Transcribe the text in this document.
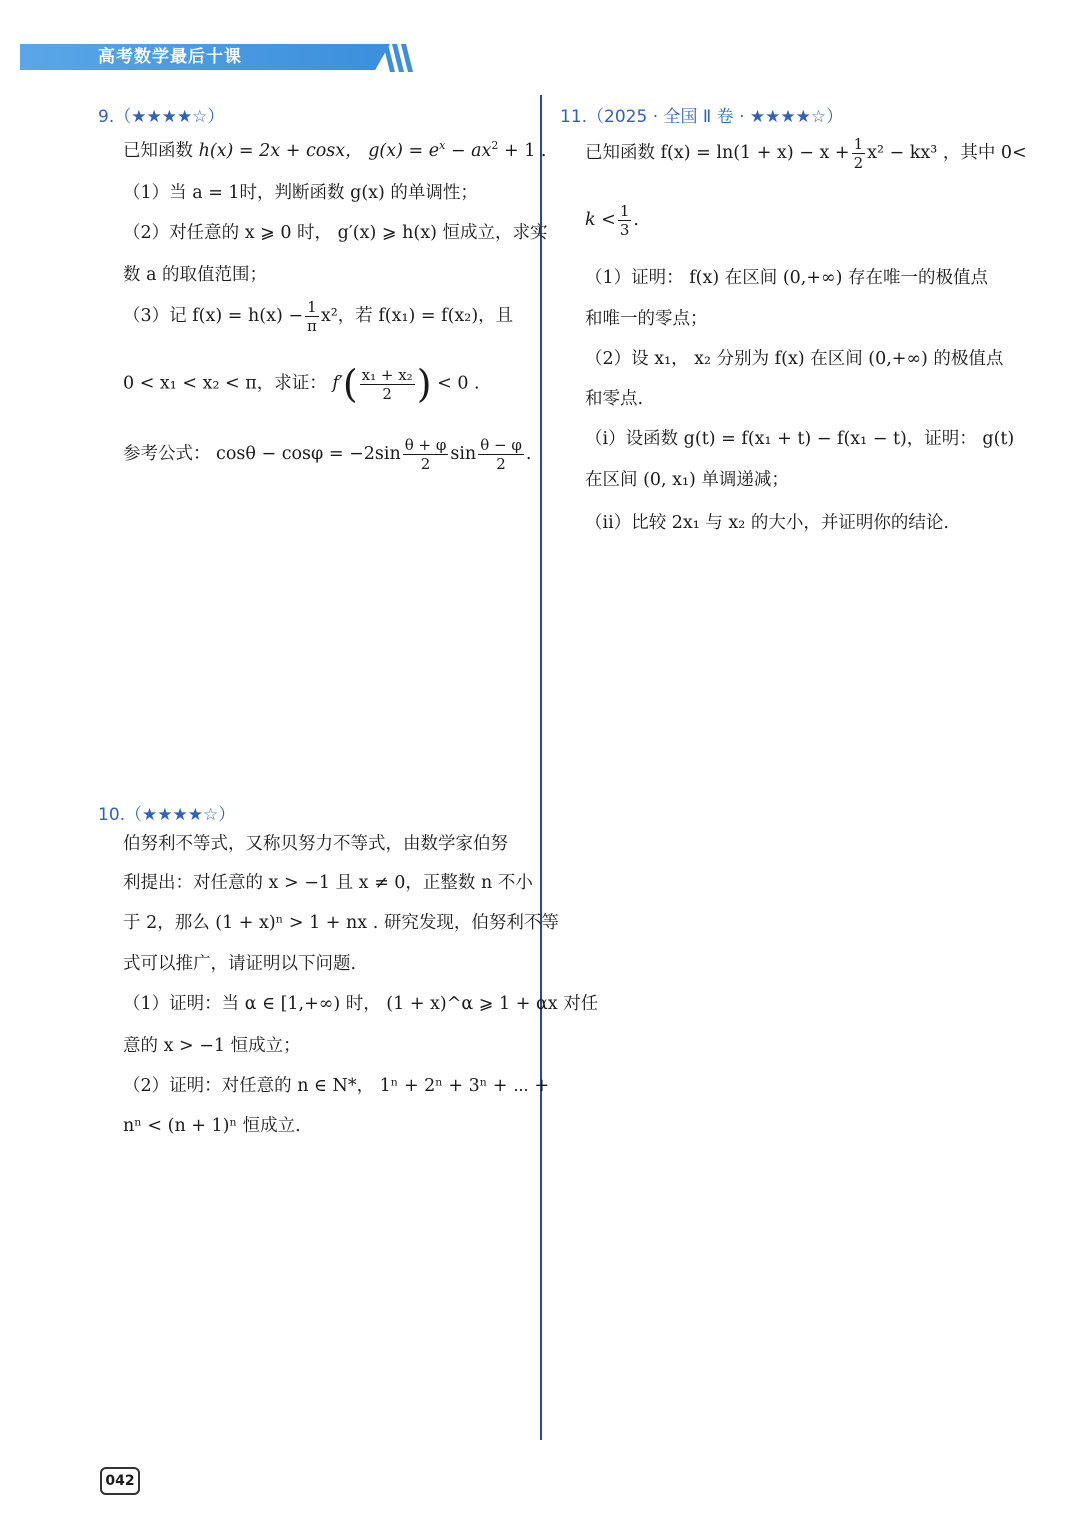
高考数学最后十课
9.（★★★★☆）
已知函数 h(x) = 2x + cosx， $g(x) = e^x - ax^2 + 1$ .
（1）当 a = 1时，判断函数 g(x) 的单调性；
（2）对任意的 x ⩾ 0 时， g′(x) ⩾ h(x) 恒成立，求实
数 a 的取值范围；
（3）记 $f(x) = h(x) - \frac{1}{\pi} x^2$，若 f(x₁) = f(x₂)，且
0 < x₁ < x₂ < π，求证： $f'( \frac{\text{x₁ + x₂}}{2}$ ) < 0 .
参考公式： $\cos\theta - \cos\varphi = -2\sin \frac{\theta + \varphi}{2}$ $\sin \frac{\theta - \varphi}{2}$ .
10.（★★★★☆）
伯努利不等式，又称贝努力不等式，由数学家伯努
利提出：对任意的 x > −1 且 x ≠ 0，正整数 n 不小
于 2，那么 (1 + x)ⁿ > 1 + nx . 研究发现，伯努利不等
式可以推广，请证明以下问题.
（1）证明：当 α ∈ [1,+∞) 时， (1 + x)^α ⩾ 1 + αx 对任
意的 x > −1 恒成立；
（2）证明：对任意的 n ∈ N*， 1ⁿ + 2ⁿ + 3ⁿ + ⋯ +
nⁿ < (n + 1)ⁿ 恒成立.
11.（2025 · 全国 Ⅱ 卷 · ★★★★☆）
已知函数 $f(x) = \ln(1 + x) - x + \frac{1}{2} x^2 - kx^3$ ，其中 0<
$k < \frac{1}{3}$ .
（1）证明： f(x) 在区间 (0,+∞) 存在唯一的极值点
和唯一的零点；
（2）设 x₁， x₂ 分别为 f(x) 在区间 (0,+∞) 的极值点
和零点.
（i）设函数 g(t) = f(x₁ + t) − f(x₁ − t)，证明： g(t)
在区间 (0, x₁) 单调递减；
（ii）比较 2x₁ 与 x₂ 的大小，并证明你的结论.
042
